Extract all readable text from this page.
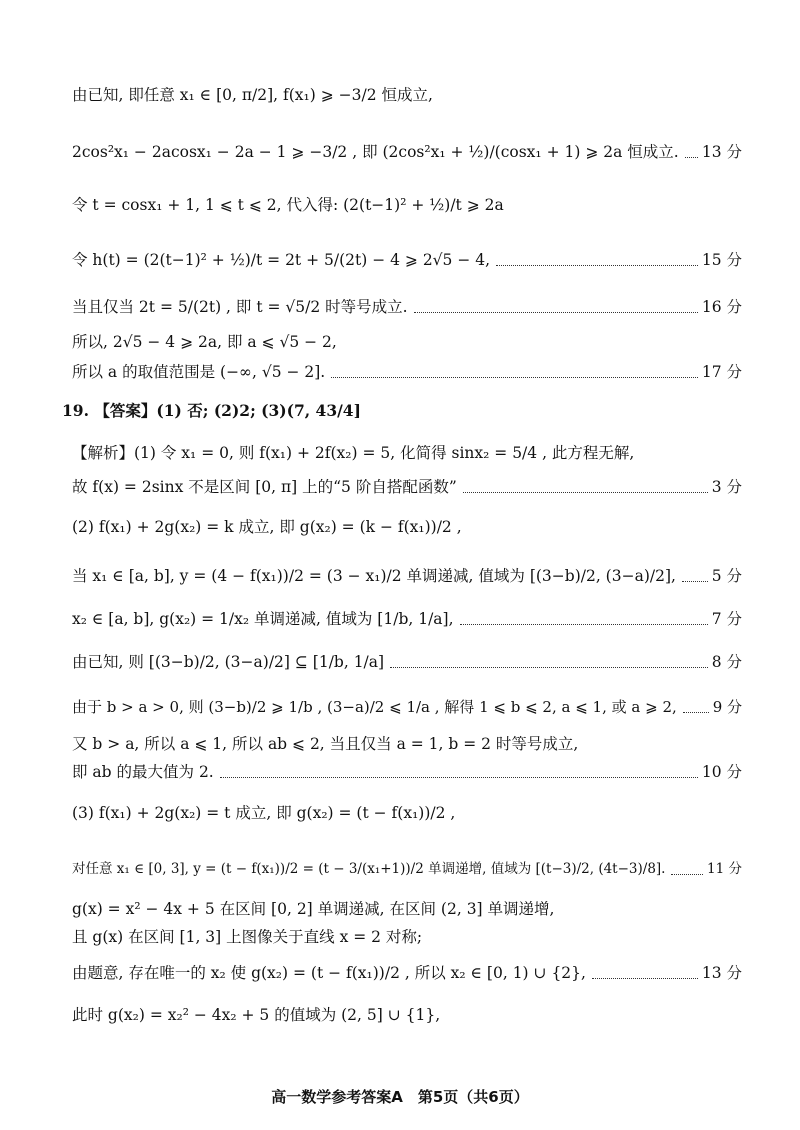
由已知, 即任意 x₁ ∈ [0, π/2], f(x₁) ⩾ −3/2 恒成立,
2cos²x₁ − 2acosx₁ − 2a − 1 ⩾ −3/2 , 即 (2cos²x₁ + ½)/(cosx₁ + 1) ⩾ 2a 恒成立. 13 分
令 t = cosx₁ + 1, 1 ⩽ t ⩽ 2, 代入得: (2(t−1)² + ½)/t ⩾ 2a
令 h(t) = (2(t−1)² + ½)/t = 2t + 5/(2t) − 4 ⩾ 2√5 − 4,	15 分
当且仅当 2t = 5/(2t) , 即 t = √5/2 时等号成立.	16 分
所以, 2√5 − 4 ⩾ 2a, 即 a ⩽ √5 − 2,
所以 a 的取值范围是 (−∞, √5 − 2].	17 分
19. 【答案】(1) 否; (2)2; (3)(7, 43/4]
【解析】(1) 令 x₁ = 0, 则 f(x₁) + 2f(x₂) = 5, 化简得 sinx₂ = 5/4 , 此方程无解,
故 f(x) = 2sinx 不是区间 [0, π] 上的“5 阶自搭配函数”	3 分
(2) f(x₁) + 2g(x₂) = k 成立, 即 g(x₂) = (k − f(x₁))/2 ,
当 x₁ ∈ [a, b], y = (4 − f(x₁))/2 = (3 − x₁)/2 单调递减, 值域为 [(3−b)/2, (3−a)/2], 5 分
x₂ ∈ [a, b], g(x₂) = 1/x₂ 单调递减, 值域为 [1/b, 1/a],	7 分
由已知, 则 [(3−b)/2, (3−a)/2] ⊆ [1/b, 1/a]	8 分
由于 b > a > 0, 则 (3−b)/2 ⩾ 1/b , (3−a)/2 ⩽ 1/a , 解得 1 ⩽ b ⩽ 2, a ⩽ 1, 或 a ⩾ 2, 9 分
又 b > a, 所以 a ⩽ 1, 所以 ab ⩽ 2, 当且仅当 a = 1, b = 2 时等号成立,
即 ab 的最大值为 2.	10 分
(3) f(x₁) + 2g(x₂) = t 成立, 即 g(x₂) = (t − f(x₁))/2 ,
对任意 x₁ ∈ [0, 3], y = (t − f(x₁))/2 = (t − 3/(x₁+1))/2 单调递增, 值域为 [(t−3)/2, (4t−3)/8].	11 分
g(x) = x² − 4x + 5 在区间 [0, 2] 单调递减, 在区间 (2, 3] 单调递增,
且 g(x) 在区间 [1, 3] 上图像关于直线 x = 2 对称;
由题意, 存在唯一的 x₂ 使 g(x₂) = (t − f(x₁))/2 , 所以 x₂ ∈ [0, 1) ∪ {2},	13 分
此时 g(x₂) = x₂² − 4x₂ + 5 的值域为 (2, 5] ∪ {1},
高一数学参考答案A　第5页（共6页）
